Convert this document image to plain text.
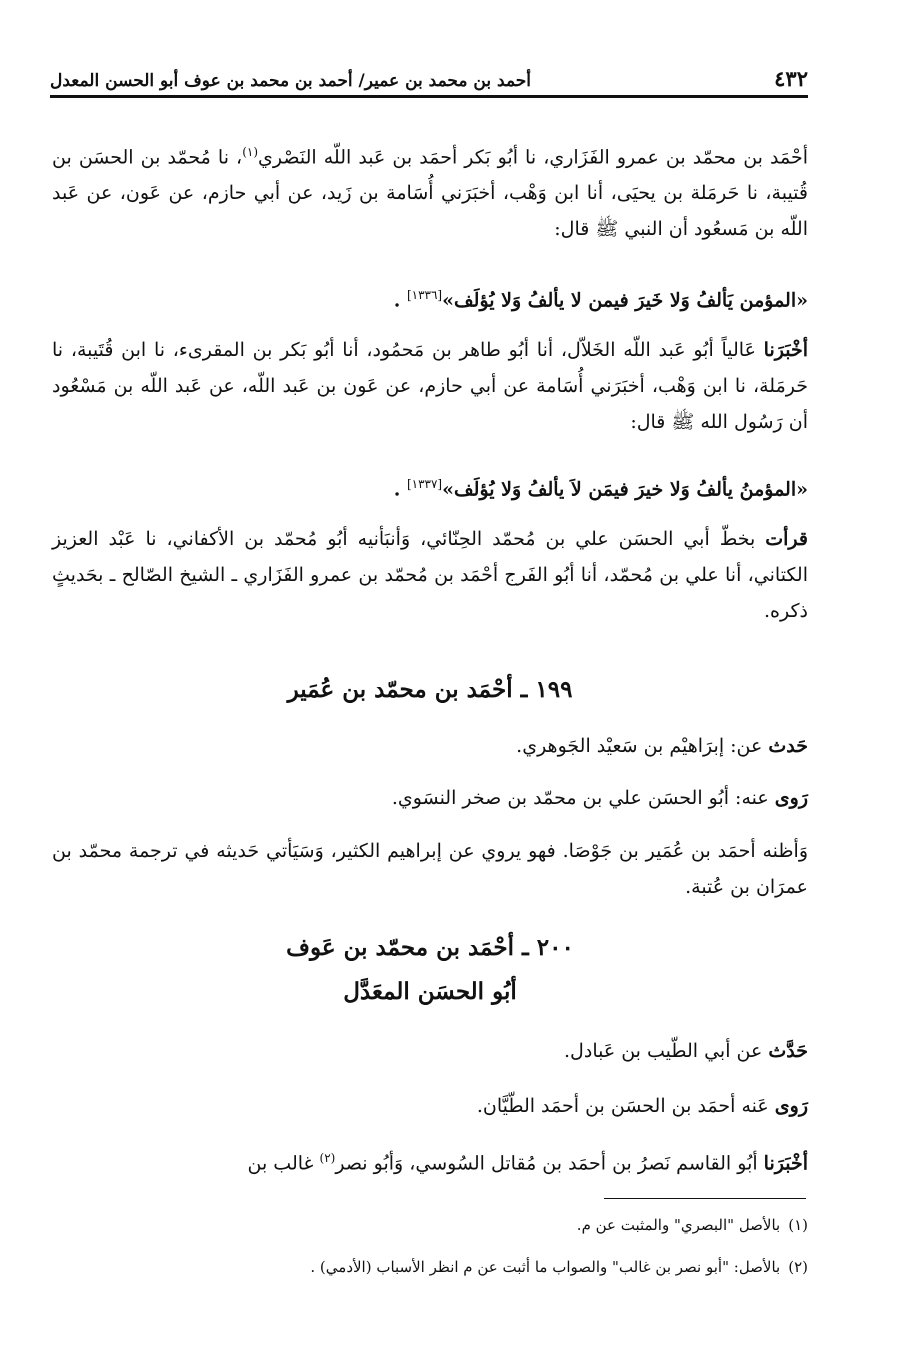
٤٣٢
أحمد بن محمد بن عمير/ أحمد بن محمد بن عوف أبو الحسن المعدل

أحْمَد بن محمّد بن عمرو الفَزَاري، نا أبُو بَكر أحمَد بن عَبد اللّه النَصْري$^{(١)}$، نا مُحمّد بن الحسَن بن قُتيبة، نا حَرمَلة بن يحيَى، أنا ابن وَهْب، أخبَرَني أُسَامة بن زَيد، عن أبي حازم، عن عَون، عن عَبد اللّه بن مَسعُود أن النبي ﷺ قال:

«المؤمن يَألفُ وَلا خَيرَ فيمن لا يألفُ وَلا يُؤلَف»[١٣٣٦] .

أخْبَرَنا عَالياً أبُو عَبد اللّه الخَلاّل، أنا أبُو طاهر بن مَحمُود، أنا أبُو بَكر بن المقرىء، نا ابن قُتَيبة، نا حَرمَلة، نا ابن وَهْب، أخبَرَني أُسَامة عن أبي حازم، عن عَون بن عَبد اللّه، عن عَبد اللّه بن مَسْعُود أن رَسُول الله ﷺ قال:

«المؤمنُ يألفُ وَلا خيرَ فيمَن لاَ يألفُ وَلا يُؤلَف»[١٣٣٧] .

قرأت بخطّ أبي الحسَن علي بن مُحمّد الحِنّائي، وَأنبَأنيه أبُو مُحمّد بن الأكفاني، نا عَبْد العزيز الكتاني، أنا علي بن مُحمّد، أنا أبُو الفَرج أحْمَد بن مُحمّد بن عمرو الفَزَاري ـ الشيخ الصّالح ـ بحَديثٍ ذكره.

١٩٩ ـ أحْمَد بن محمّد بن عُمَير

حَدث عن: إبرَاهيْم بن سَعيْد الجَوهري.

رَوى عنه: أبُو الحسَن علي بن محمّد بن صخر النسَوي.

وَأظنه أحمَد بن عُمَير بن جَوْصَا. فهو يروي عن إبراهيم الكثير، وَسَيَأتي حَديثه في ترجمة محمّد بن عمرَان بن عُتبة.

٢٠٠ ـ أحْمَد بن محمّد بن عَوف

أبُو الحسَن المعَدَّل

حَدَّث عن أبي الطّيب بن عَبادل.

رَوى عَنه أحمَد بن الحسَن بن أحمَد الطّيَّان.

أخْبَرَنا أبُو القاسم نَصرُ بن أحمَد بن مُقاتل السُوسي، وَأبُو نصر$^{(٢)}$ غالب بن

(١)بالأصل "البصري" والمثبت عن م.

(٢)بالأصل: "أبو نصر بن غالب" والصواب ما أثبت عن م انظر الأسباب (الأدمي) .
